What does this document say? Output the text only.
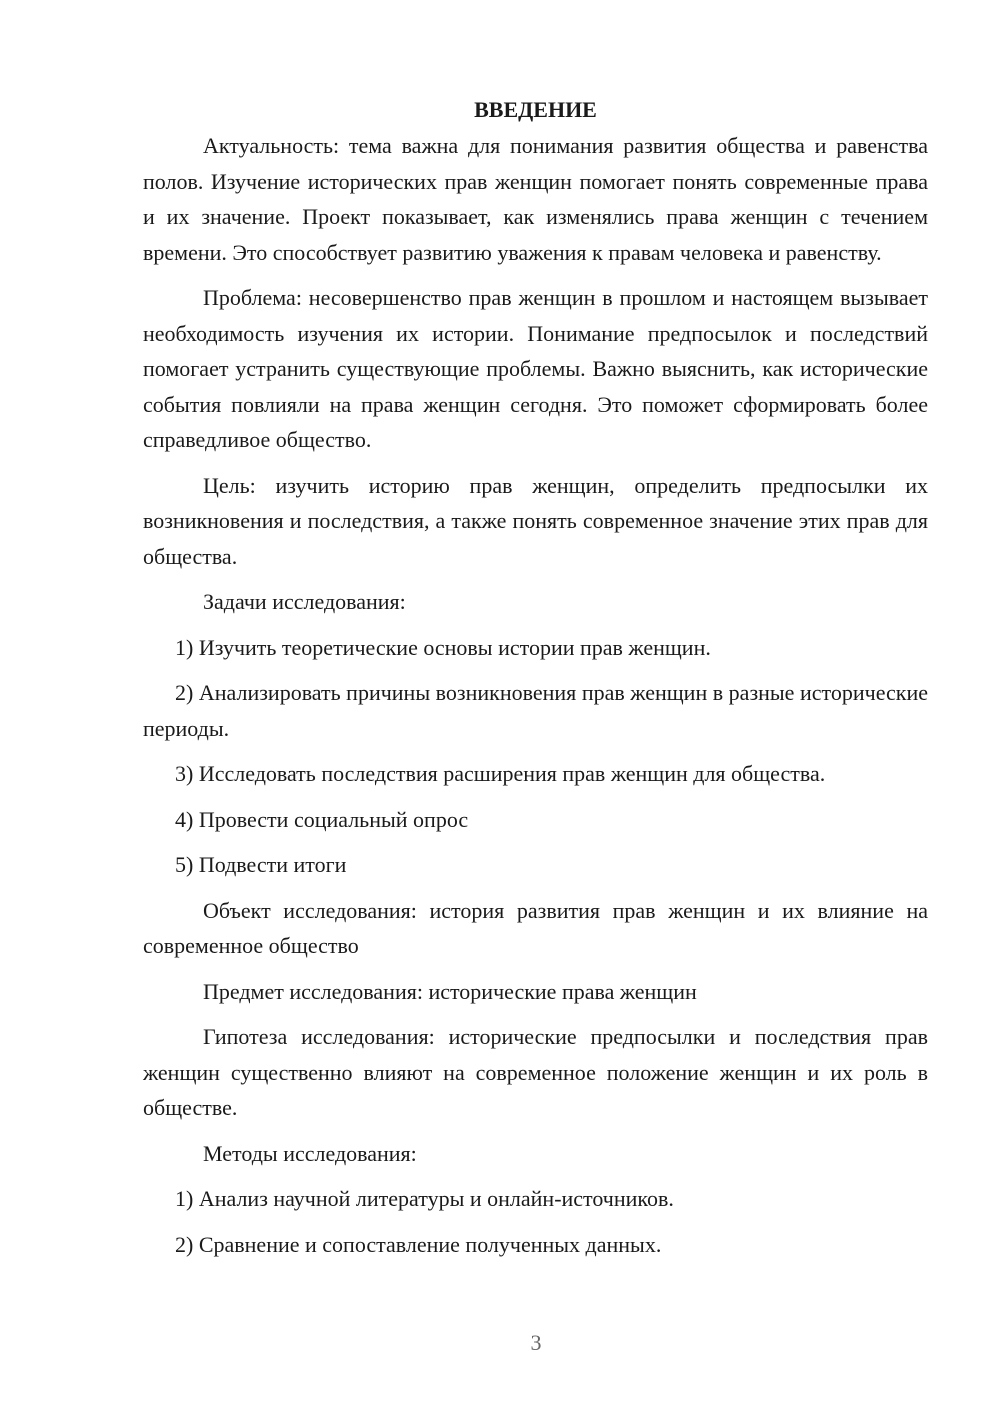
ВВЕДЕНИЕ

Актуальность: тема важна для понимания развития общества и равенства полов. Изучение исторических прав женщин помогает понять современные права и их значение. Проект показывает, как изменялись права женщин с течением времени. Это способствует развитию уважения к правам человека и равенству.

Проблема: несовершенство прав женщин в прошлом и настоящем вызывает необходимость изучения их истории. Понимание предпосылок и последствий помогает устранить существующие проблемы. Важно выяснить, как исторические события повлияли на права женщин сегодня. Это поможет сформировать более справедливое общество.

Цель: изучить историю прав женщин, определить предпосылки их возникновения и последствия, а также понять современное значение этих прав для общества.

Задачи исследования:

1) Изучить теоретические основы истории прав женщин.

2) Анализировать причины возникновения прав женщин в разные исторические периоды.

3) Исследовать последствия расширения прав женщин для общества.

4) Провести социальный опрос

5) Подвести итоги

Объект исследования: история развития прав женщин и их влияние на современное общество

Предмет исследования: исторические права женщин

Гипотеза исследования: исторические предпосылки и последствия прав женщин существенно влияют на современное положение женщин и их роль в обществе.

Методы исследования:

1) Анализ научной литературы и онлайн-источников.

2) Сравнение и сопоставление полученных данных.

3
